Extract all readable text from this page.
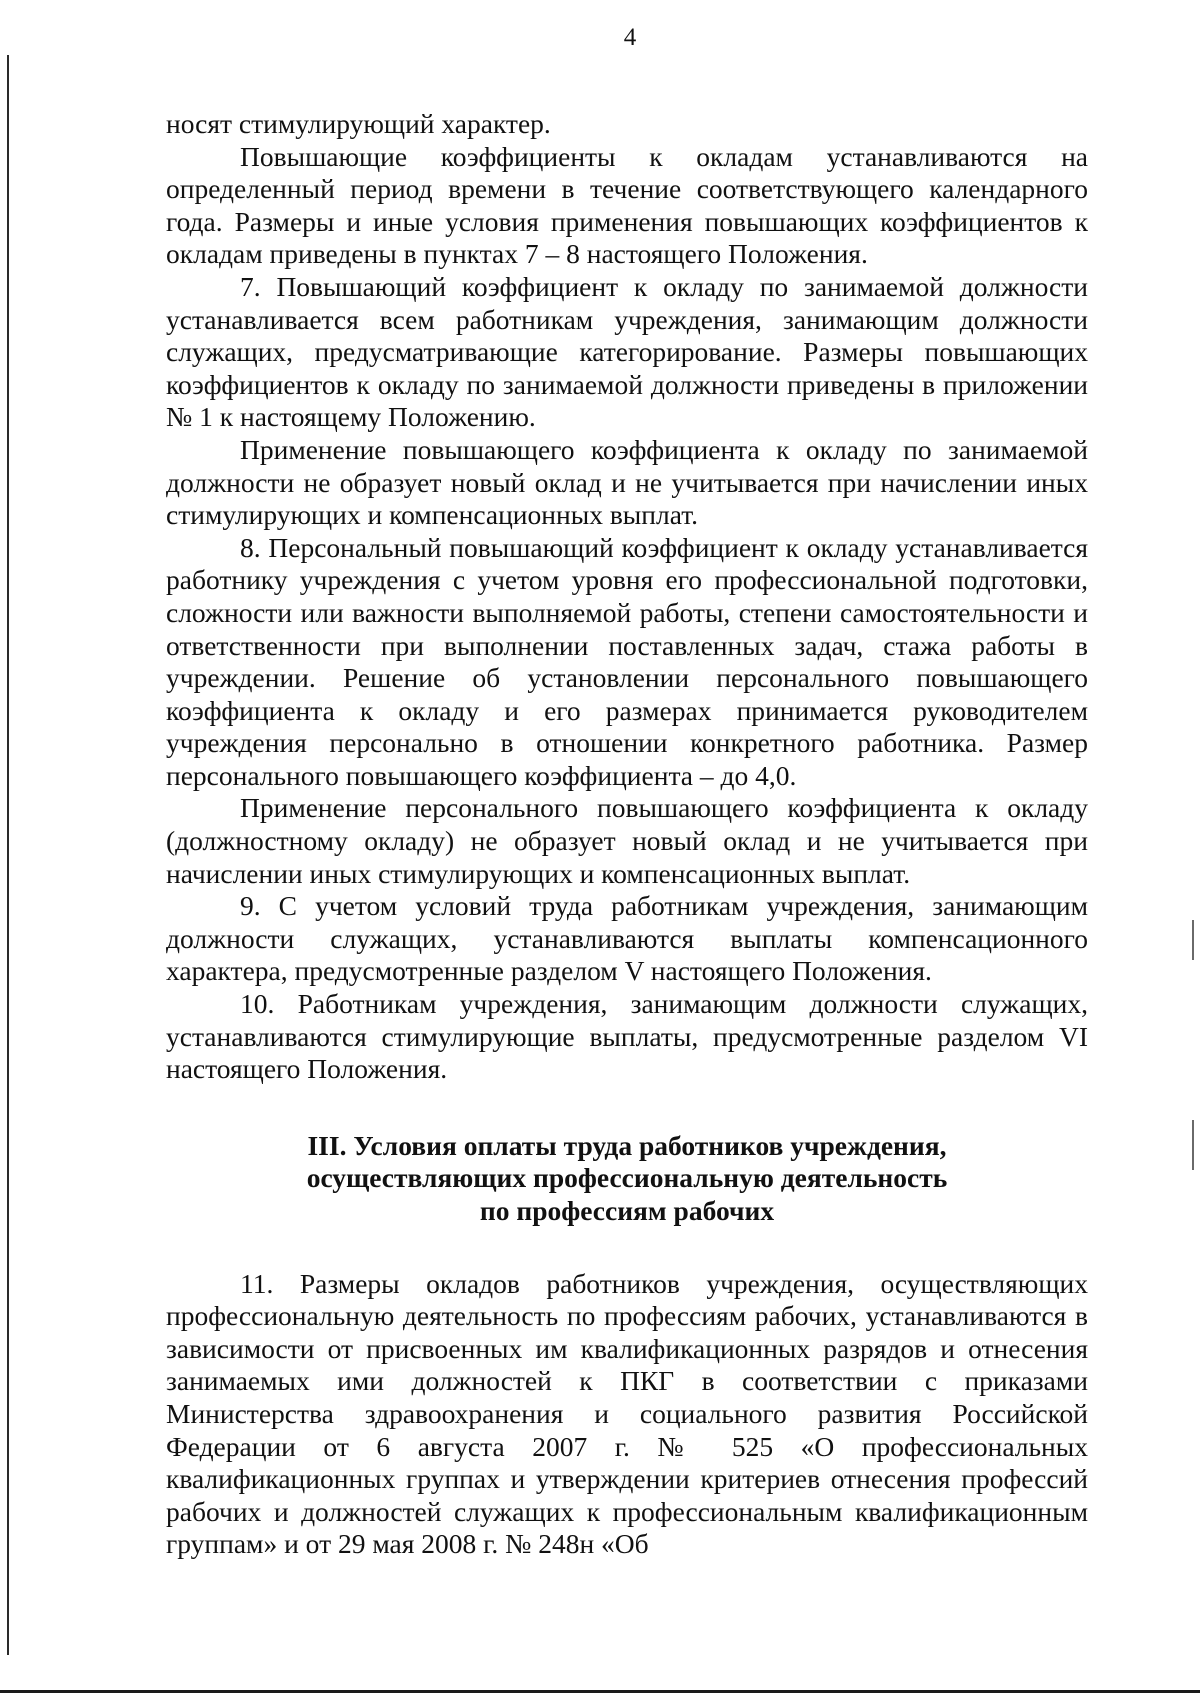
4

носят стимулирующий характер.

Повышающие коэффициенты к окладам устанавливаются на определенный период времени в течение соответствующего календарного года. Размеры и иные условия применения повышающих коэффициентов к окладам приведены в пунктах 7 – 8 настоящего Положения.

7. Повышающий коэффициент к окладу по занимаемой должности устанавливается всем работникам учреждения, занимающим должности служащих, предусматривающие категорирование. Размеры повышающих коэффициентов к окладу по занимаемой должности приведены в приложении № 1 к настоящему Положению.

Применение повышающего коэффициента к окладу по занимаемой должности не образует новый оклад и не учитывается при начислении иных стимулирующих и компенсационных выплат.

8. Персональный повышающий коэффициент к окладу устанавливается работнику учреждения с учетом уровня его профессиональной подготовки, сложности или важности выполняемой работы, степени самостоятельности и ответственности при выполнении поставленных задач, стажа работы в учреждении. Решение об установлении персонального повышающего коэффициента к окладу и его размерах принимается руководителем учреждения персонально в отношении конкретного работника. Размер персонального повышающего коэффициента – до 4,0.

Применение персонального повышающего коэффициента к окладу (должностному окладу) не образует новый оклад и не учитывается при начислении иных стимулирующих и компенсационных выплат.

9. С учетом условий труда работникам учреждения, занимающим должности служащих, устанавливаются выплаты компенсационного характера, предусмотренные разделом V настоящего Положения.

10. Работникам учреждения, занимающим должности служащих, устанавливаются стимулирующие выплаты, предусмотренные разделом VI настоящего Положения.

III. Условия оплаты труда работников учреждения,
осуществляющих профессиональную деятельность
по профессиям рабочих

11. Размеры окладов работников учреждения, осуществляющих профессиональную деятельность по профессиям рабочих, устанавливаются в зависимости от присвоенных им квалификационных разрядов и отнесения занимаемых ими должностей к ПКГ в соответствии с приказами Министерства здравоохранения и социального развития Российской Федерации от 6 августа 2007 г. № 525 «О профессиональных квалификационных группах и утверждении критериев отнесения профессий рабочих и должностей служащих к профессиональным квалификационным группам» и от 29 мая 2008 г. № 248н «Об
